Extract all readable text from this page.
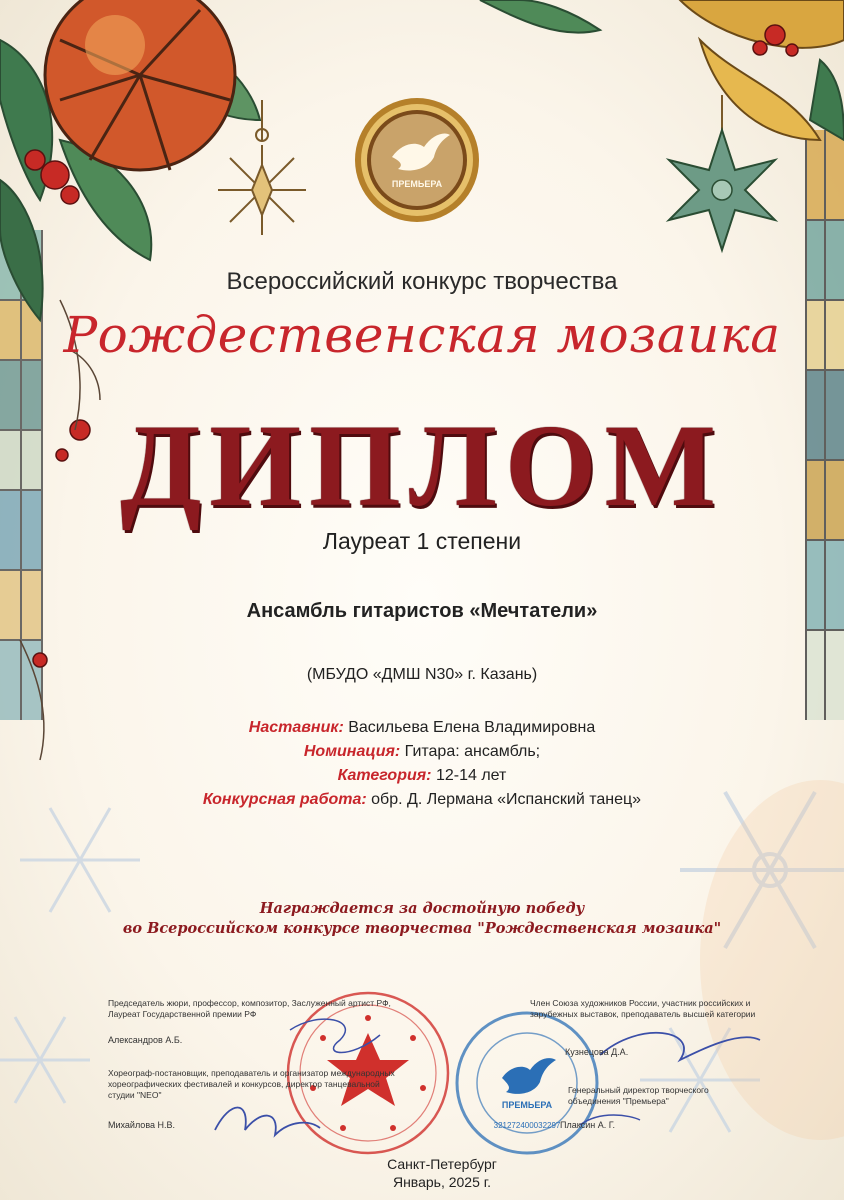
ПРЕМЬЕРА
Всероссийский конкурс творчества
Рождественская мозаика
ДИПЛОМ
Лауреат 1 степени
Ансамбль гитаристов «Мечтатели»
(МБУДО «ДМШ N30» г. Казань)
Наставник: Васильева Елена Владимировна
Номинация: Гитара: ансамбль;
Категория: 12-14 лет
Конкурсная работа: обр. Д. Лермана «Испанский танец»
Награждается за достойную победу
во Всероссийском конкурсе творчества "Рождественская мозаика"
ПРЕМЬЕРА
321272400032297
Председатель жюри, профессор, композитор, Заслуженный артист РФ, Лауреат Государственной премии РФ
Александров А.Б.
Хореограф-постановщик, преподаватель и организатор международных хореографических фестивалей и конкурсов, директор танцевальной студии "NEO"
Михайлова Н.В.
Член Союза художников России, участник российских и зарубежных выставок, преподаватель высшей категории
Кузнецова Д.А.
Генеральный директор творческого объединения "Премьера"
Плаксин А. Г.
Санкт-Петербург
Январь, 2025 г.
